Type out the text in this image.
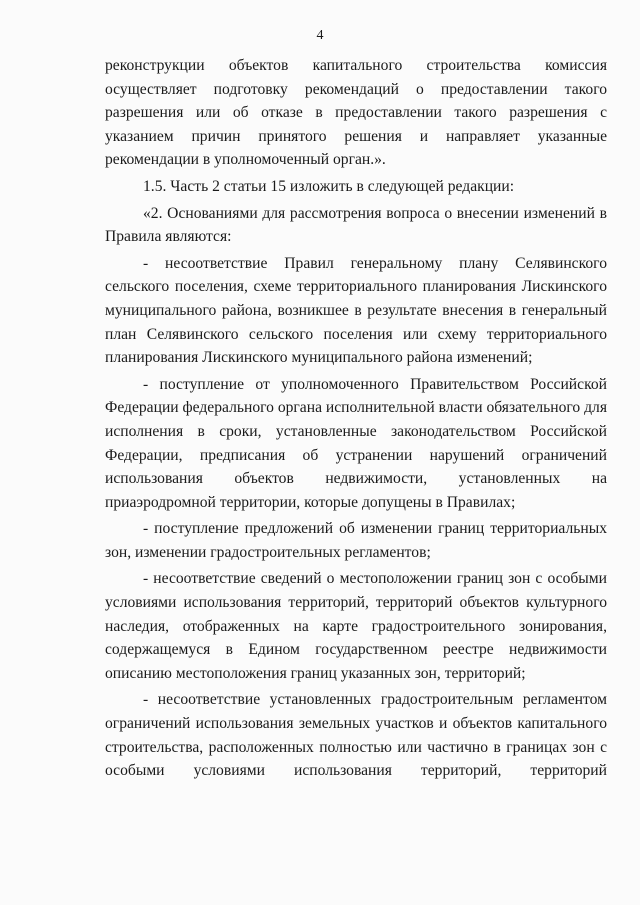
4

реконструкции объектов капитального строительства комиссия осуществляет подготовку рекомендаций о предоставлении такого разрешения или об отказе в предоставлении такого разрешения с указанием причин принятого решения и направляет указанные рекомендации в уполномоченный орган.».

1.5. Часть 2 статьи 15 изложить в следующей редакции:

«2. Основаниями для рассмотрения вопроса о внесении изменений в Правила являются:

- несоответствие Правил генеральному плану Селявинского сельского поселения, схеме территориального планирования Лискинского муниципального района, возникшее в результате внесения в генеральный план Селявинского сельского поселения или схему территориального планирования Лискинского муниципального района изменений;

- поступление от уполномоченного Правительством Российской Федерации федерального органа исполнительной власти обязательного для исполнения в сроки, установленные законодательством Российской Федерации, предписания об устранении нарушений ограничений использования объектов недвижимости, установленных на приаэродромной территории, которые допущены в Правилах;

- поступление предложений об изменении границ территориальных зон, изменении градостроительных регламентов;

- несоответствие сведений о местоположении границ зон с особыми условиями использования территорий, территорий объектов культурного наследия, отображенных на карте градостроительного зонирования, содержащемуся в Едином государственном реестре недвижимости описанию местоположения границ указанных зон, территорий;

- несоответствие установленных градостроительным регламентом ограничений использования земельных участков и объектов капитального строительства, расположенных полностью или частично в границах зон с особыми условиями использования территорий, территорий
